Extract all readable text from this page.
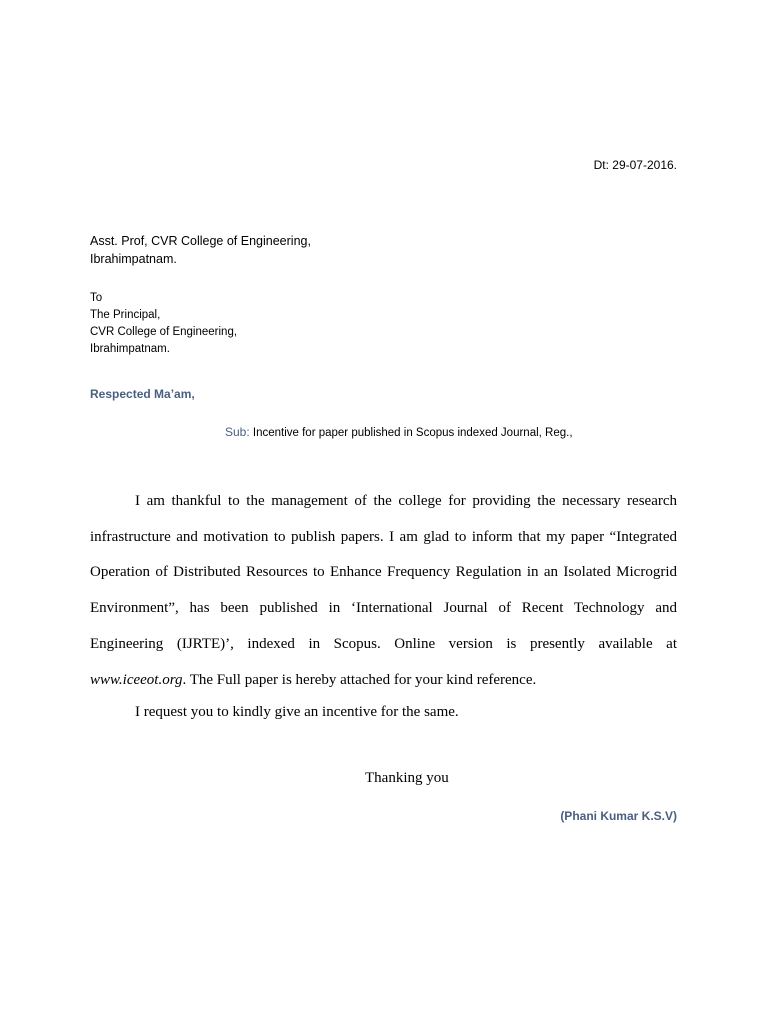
Dt: 29-07-2016.
Asst. Prof, CVR College of Engineering,
Ibrahimpatnam.
To
The Principal,
CVR College of Engineering,
Ibrahimpatnam.
Respected Ma’am,
Sub: Incentive for paper published in Scopus indexed Journal, Reg.,

I am thankful to the management of the college for providing the necessary research infrastructure and motivation to publish papers. I am glad to inform that my paper “Integrated Operation of Distributed Resources to Enhance Frequency Regulation in an Isolated Microgrid Environment”, has been published in ‘International Journal of Recent Technology and Engineering (IJRTE)’, indexed in Scopus. Online version is presently available at www.iceeot.org. The Full paper is hereby attached for your kind reference.

I request you to kindly give an incentive for the same.

Thanking you
(Phani Kumar K.S.V)
